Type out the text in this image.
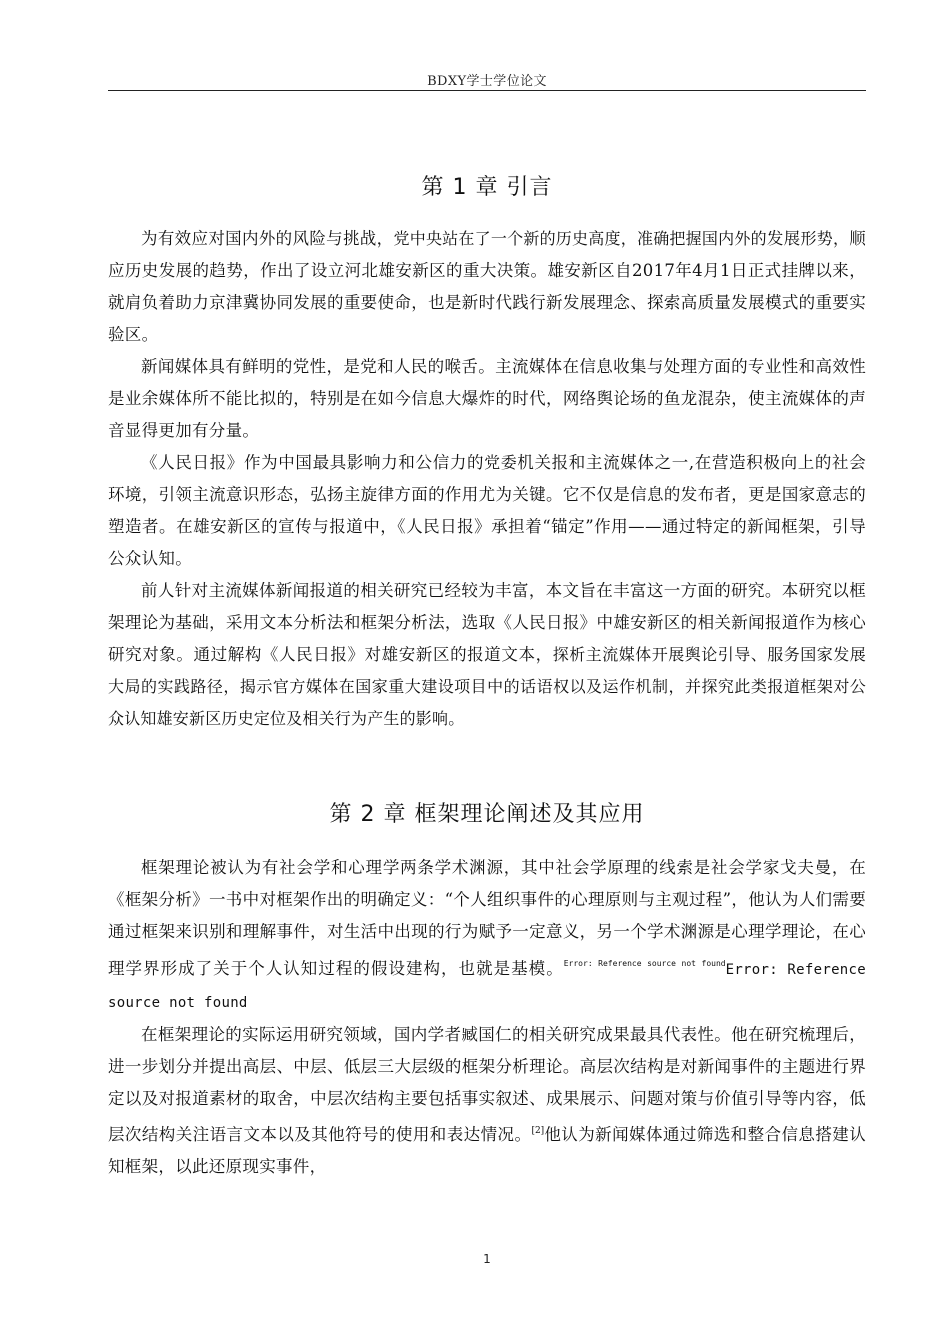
BDXY学士学位论文
第 1 章 引言

为有效应对国内外的风险与挑战，党中央站在了一个新的历史高度，准确把握国内外的发展形势，顺应历史发展的趋势，作出了设立河北雄安新区的重大决策。雄安新区自2017年4月1日正式挂牌以来，就肩负着助力京津冀协同发展的重要使命，也是新时代践行新发展理念、探索高质量发展模式的重要实验区。

新闻媒体具有鲜明的党性，是党和人民的喉舌。主流媒体在信息收集与处理方面的专业性和高效性是业余媒体所不能比拟的，特别是在如今信息大爆炸的时代，网络舆论场的鱼龙混杂，使主流媒体的声音显得更加有分量。

《人民日报》作为中国最具影响力和公信力的党委机关报和主流媒体之一,在营造积极向上的社会环境，引领主流意识形态，弘扬主旋律方面的作用尤为关键。它不仅是信息的发布者，更是国家意志的塑造者。在雄安新区的宣传与报道中，《人民日报》承担着“锚定”作用——通过特定的新闻框架，引导公众认知。

前人针对主流媒体新闻报道的相关研究已经较为丰富，本文旨在丰富这一方面的研究。本研究以框架理论为基础，采用文本分析法和框架分析法，选取《人民日报》中雄安新区的相关新闻报道作为核心研究对象。通过解构《人民日报》对雄安新区的报道文本，探析主流媒体开展舆论引导、服务国家发展大局的实践路径，揭示官方媒体在国家重大建设项目中的话语权以及运作机制，并探究此类报道框架对公众认知雄安新区历史定位及相关行为产生的影响。

第 2 章 框架理论阐述及其应用

框架理论被认为有社会学和心理学两条学术渊源，其中社会学原理的线索是社会学家戈夫曼，在《框架分析》一书中对框架作出的明确定义：“个人组织事件的心理原则与主观过程”，他认为人们需要通过框架来识别和理解事件，对生活中出现的行为赋予一定意义，另一个学术渊源是心理学理论，在心理学界形成了关于个人认知过程的假设建构，也就是基模。$^{Error: Reference source not found}$Error: Reference source not found

在框架理论的实际运用研究领域，国内学者臧国仁的相关研究成果最具代表性。他在研究梳理后，进一步划分并提出高层、中层、低层三大层级的框架分析理论。高层次结构是对新闻事件的主题进行界定以及对报道素材的取舍，中层次结构主要包括事实叙述、成果展示、问题对策与价值引导等内容，低层次结构关注语言文本以及其他符号的使用和表达情况。[2]他认为新闻媒体通过筛选和整合信息搭建认知框架，以此还原现实事件，

1
